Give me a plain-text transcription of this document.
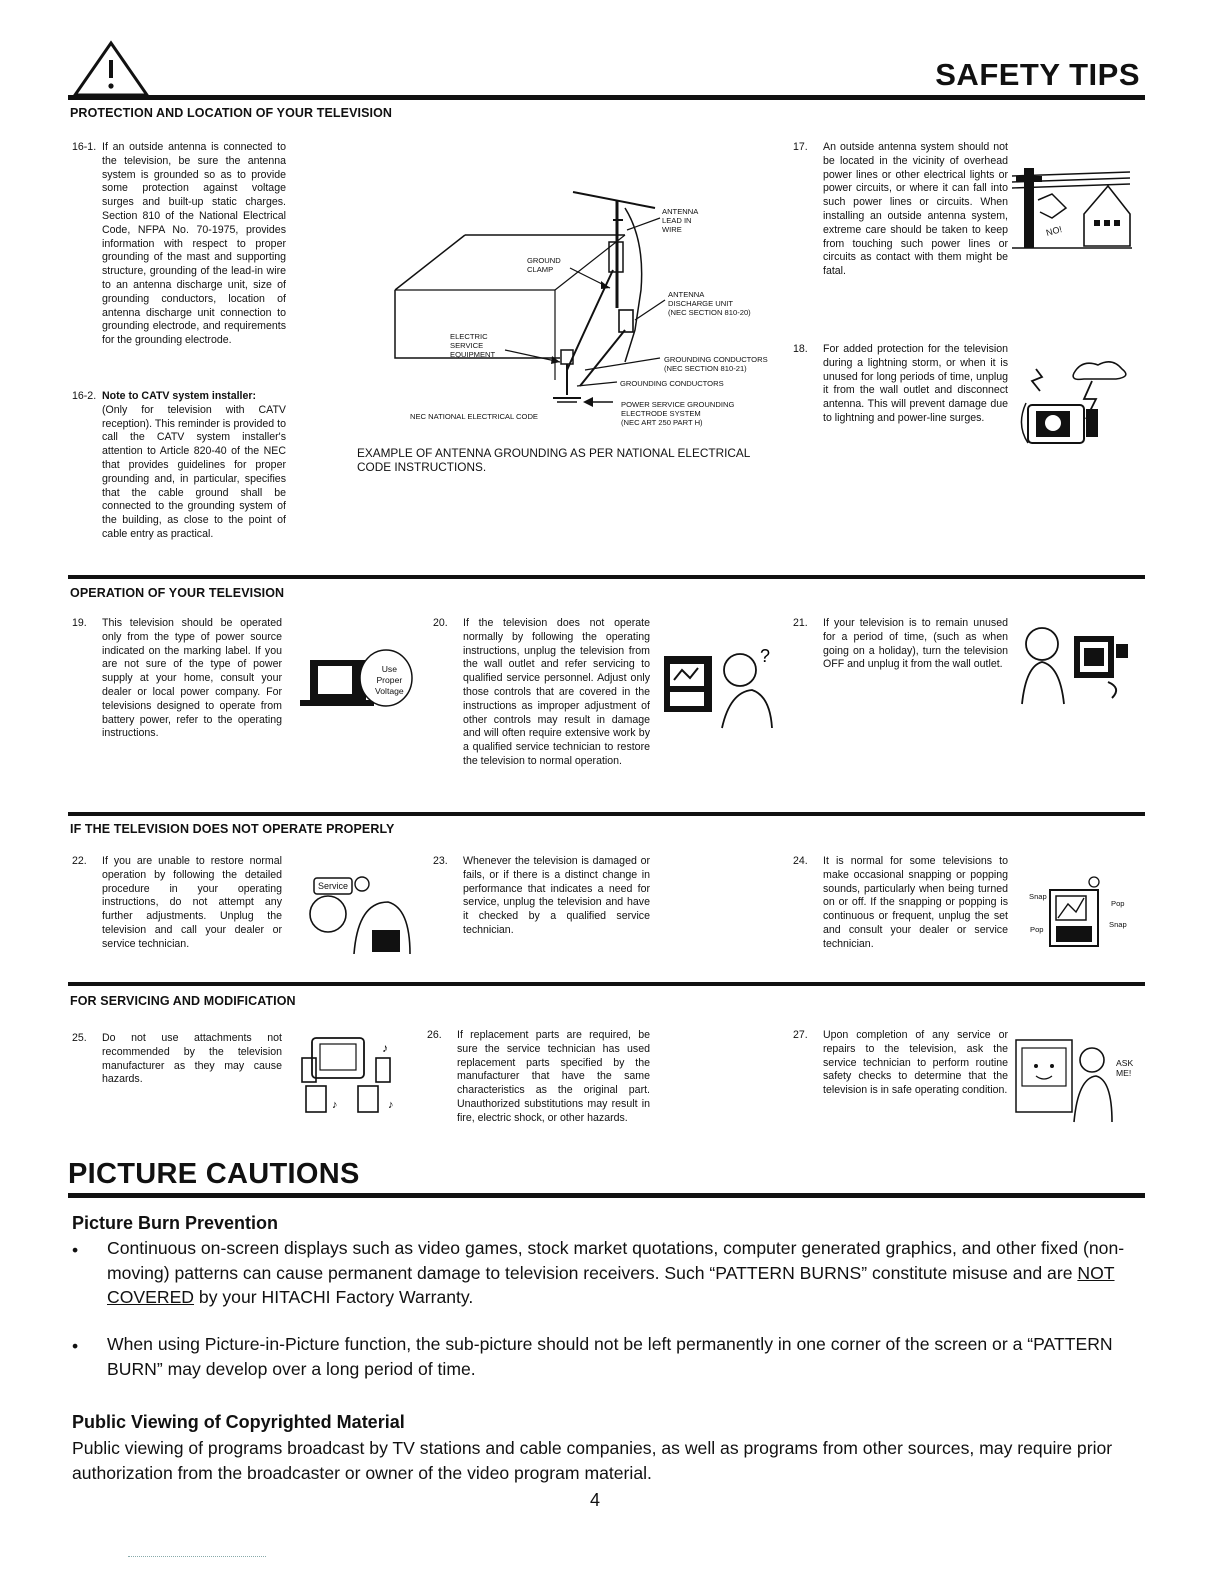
SAFETY TIPS
PROTECTION AND LOCATION OF YOUR TELEVISION
16-1. If an outside antenna is connected to the television, be sure the antenna system is grounded so as to provide some protection against voltage surges and built-up static charges. Section 810 of the National Electrical Code, NFPA No. 70-1975, provides information with respect to proper grounding of the mast and supporting structure, grounding of the lead-in wire to an antenna discharge unit, size of grounding conductors, location of antenna discharge unit connection to grounding electrode, and requirements for the grounding electrode.
16-2. Note to CATV system installer:
(Only for television with CATV reception). This reminder is provided to call the CATV system installer's attention to Article 820-40 of the NEC that provides guidelines for proper grounding and, in particular, specifies that the cable ground shall be connected to the grounding system of the building, as close to the point of cable entry as practical.
ANTENNA
LEAD IN
WIRE
GROUND
CLAMP
ANTENNA
DISCHARGE UNIT
(NEC SECTION 810-20)
ELECTRIC
SERVICE
EQUIPMENT
GROUNDING CONDUCTORS
(NEC SECTION 810-21)
GROUNDING CONDUCTORS
POWER SERVICE GROUNDING
ELECTRODE SYSTEM
(NEC ART 250 PART H)
NEC NATIONAL ELECTRICAL CODE
EXAMPLE OF ANTENNA GROUNDING AS PER NATIONAL ELECTRICAL CODE INSTRUCTIONS.
17. An outside antenna system should not be located in the vicinity of overhead power lines or other electrical lights or power circuits, or where it can fall into such power lines or circuits. When installing an outside antenna system, extreme care should be taken to keep from touching such power lines or circuits as contact with them might be fatal.
NO!
18. For added protection for the television during a lightning storm, or when it is unused for long periods of time, unplug it from the wall outlet and disconnect antenna. This will prevent damage due to lightning and power-line surges.
OPERATION OF YOUR TELEVISION
19. This television should be operated only from the type of power source indicated on the marking label. If you are not sure of the type of power supply at your home, consult your dealer or local power company. For televisions designed to operate from battery power, refer to the operating instructions.
Use
Proper
Voltage
20. If the television does not operate normally by following the operating instructions, unplug the television from the wall outlet and refer servicing to qualified service personnel. Adjust only those controls that are covered in the instructions as improper adjustment of other controls may result in damage and will often require extensive work by a qualified service technician to restore the television to normal operation.
?
21. If your television is to remain unused for a period of time, (such as when going on a holiday), turn the television OFF and unplug it from the wall outlet.
IF THE TELEVISION DOES NOT OPERATE PROPERLY
22. If you are unable to restore normal operation by following the detailed procedure in your operating instructions, do not attempt any further adjustments. Unplug the television and call your dealer or service technician.
Service
23. Whenever the television is damaged or fails, or if there is a distinct change in performance that indicates a need for service, unplug the television and have it checked by a qualified service technician.
24. It is normal for some televisions to make occasional snapping or popping sounds, particularly when being turned on or off. If the snapping or popping is continuous or frequent, unplug the set and consult your dealer or service technician.
Snap
Pop
Snap
Pop
FOR SERVICING AND MODIFICATION
25. Do not use attachments not recommended by the television manufacturer as they may cause hazards.
♪
♪	♪
26. If replacement parts are required, be sure the service technician has used replacement parts specified by the manufacturer that have the same characteristics as the original part. Unauthorized substitutions may result in fire, electric shock, or other hazards.
27. Upon completion of any service or repairs to the television, ask the service technician to perform routine safety checks to determine that the television is in safe operating condition.
ASK
ME!
PICTURE CAUTIONS
Picture Burn Prevention
• Continuous on-screen displays such as video games, stock market quotations, computer generated graphics, and other fixed (non-moving) patterns can cause permanent damage to television receivers. Such “PATTERN BURNS” constitute misuse and are NOT COVERED by your HITACHI Factory Warranty.
• When using Picture-in-Picture function, the sub-picture should not be left permanently in one corner of the screen or a “PATTERN BURN” may develop over a long period of time.
Public Viewing of Copyrighted Material
Public viewing of programs broadcast by TV stations and cable companies, as well as programs from other sources, may require prior authorization from the broadcaster or owner of the video program material.
4
